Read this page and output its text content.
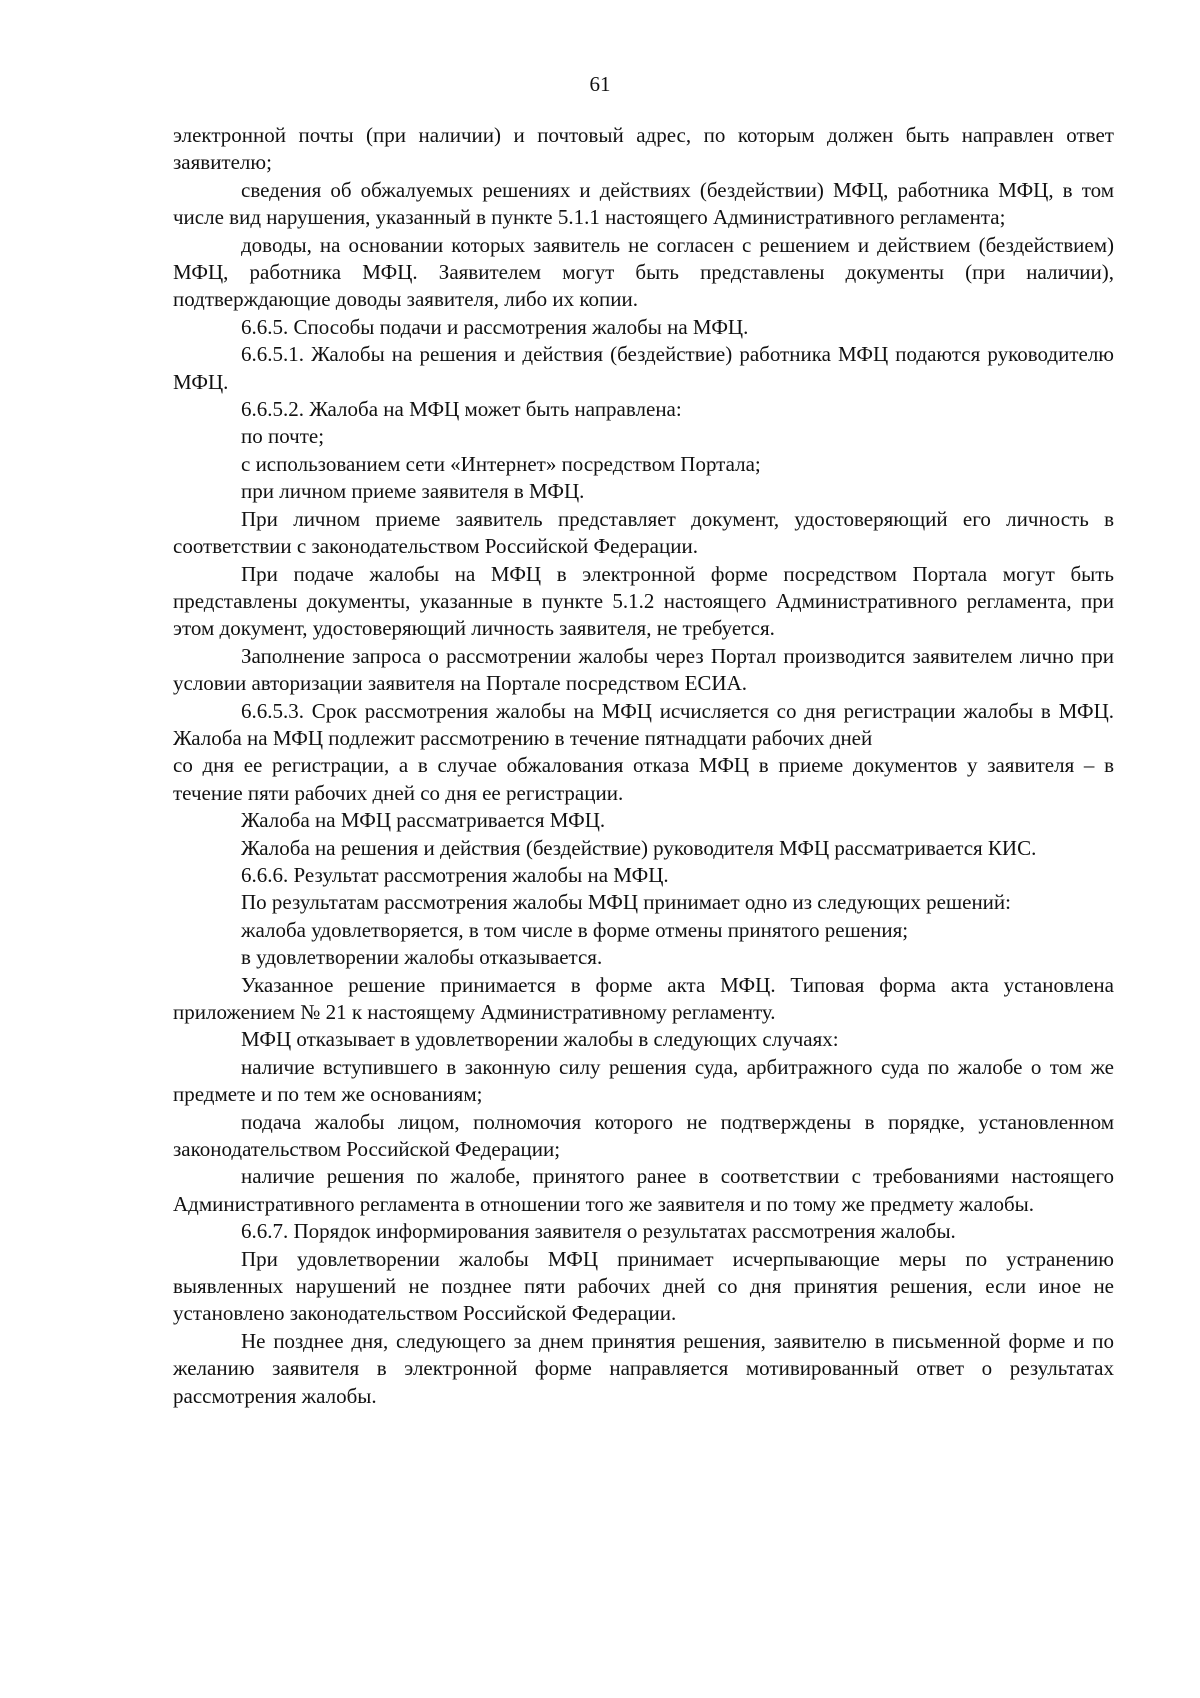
61

электронной почты (при наличии) и почтовый адрес, по которым должен быть направлен ответ заявителю;

сведения об обжалуемых решениях и действиях (бездействии) МФЦ, работника МФЦ, в том числе вид нарушения, указанный в пункте 5.1.1 настоящего Административного регламента;

доводы, на основании которых заявитель не согласен с решением и действием (бездействием) МФЦ, работника МФЦ. Заявителем могут быть представлены документы (при наличии), подтверждающие доводы заявителя, либо их копии.

6.6.5. Способы подачи и рассмотрения жалобы на МФЦ.

6.6.5.1. Жалобы на решения и действия (бездействие) работника МФЦ подаются руководителю МФЦ.

6.6.5.2. Жалоба на МФЦ может быть направлена:

по почте;

с использованием сети «Интернет» посредством Портала;

при личном приеме заявителя в МФЦ.

При личном приеме заявитель представляет документ, удостоверяющий его личность в соответствии с законодательством Российской Федерации.

При подаче жалобы на МФЦ в электронной форме посредством Портала могут быть представлены документы, указанные в пункте 5.1.2 настоящего Административного регламента, при этом документ, удостоверяющий личность заявителя, не требуется.

Заполнение запроса о рассмотрении жалобы через Портал производится заявителем лично при условии авторизации заявителя на Портале посредством ЕСИА.

6.6.5.3. Срок рассмотрения жалобы на МФЦ исчисляется со дня регистрации жалобы в МФЦ. Жалоба на МФЦ подлежит рассмотрению в течение пятнадцати рабочих дней

со дня ее регистрации, а в случае обжалования отказа МФЦ в приеме документов у заявителя – в течение пяти рабочих дней со дня ее регистрации.

Жалоба на МФЦ рассматривается МФЦ.

Жалоба на решения и действия (бездействие) руководителя МФЦ рассматривается КИС.

6.6.6. Результат рассмотрения жалобы на МФЦ.

По результатам рассмотрения жалобы МФЦ принимает одно из следующих решений:

жалоба удовлетворяется, в том числе в форме отмены принятого решения;

в удовлетворении жалобы отказывается.

Указанное решение принимается в форме акта МФЦ. Типовая форма акта установлена приложением № 21 к настоящему Административному регламенту.

МФЦ отказывает в удовлетворении жалобы в следующих случаях:

наличие вступившего в законную силу решения суда, арбитражного суда по жалобе о том же предмете и по тем же основаниям;

подача жалобы лицом, полномочия которого не подтверждены в порядке, установленном законодательством Российской Федерации;

наличие решения по жалобе, принятого ранее в соответствии с требованиями настоящего Административного регламента в отношении того же заявителя и по тому же предмету жалобы.

6.6.7. Порядок информирования заявителя о результатах рассмотрения жалобы.

При удовлетворении жалобы МФЦ принимает исчерпывающие меры по устранению выявленных нарушений не позднее пяти рабочих дней со дня принятия решения, если иное не установлено законодательством Российской Федерации.

Не позднее дня, следующего за днем принятия решения, заявителю в письменной форме и по желанию заявителя в электронной форме направляется мотивированный ответ о результатах рассмотрения жалобы.
